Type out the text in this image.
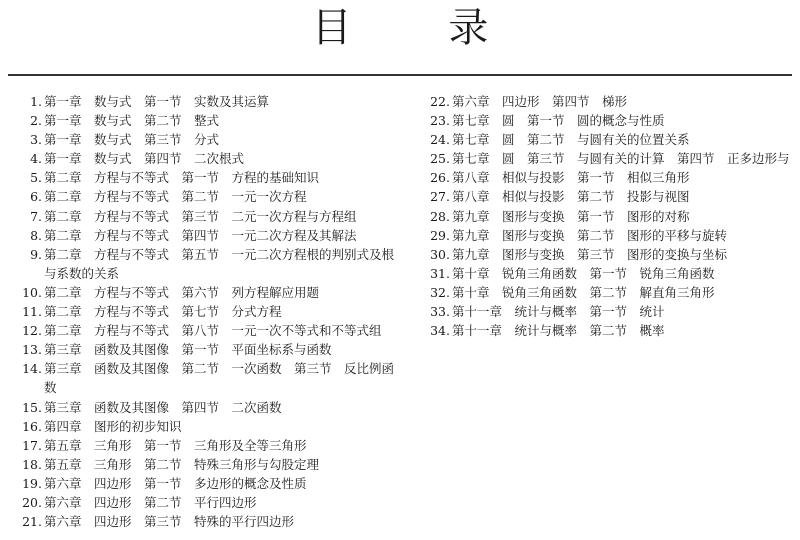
目 录
1. 第一章　数与式　第一节　实数及其运算
2. 第一章　数与式　第二节　整式
3. 第一章　数与式　第三节　分式
4. 第一章　数与式　第四节　二次根式
5. 第二章　方程与不等式　第一节　方程的基础知识
6. 第二章　方程与不等式　第二节　一元一次方程
7. 第二章　方程与不等式　第三节　二元一次方程与方程组
8. 第二章　方程与不等式　第四节　一元二次方程及其解法
9. 第二章　方程与不等式　第五节　一元二次方程根的判别式及根与系数的关系
10. 第二章　方程与不等式　第六节　列方程解应用题
11. 第二章　方程与不等式　第七节　分式方程
12. 第二章　方程与不等式　第八节　一元一次不等式和不等式组
13. 第三章　函数及其图像　第一节　平面坐标系与函数
14. 第三章　函数及其图像　第二节　一次函数　第三节　反比例函数
15. 第三章　函数及其图像　第四节　二次函数
16. 第四章　图形的初步知识
17. 第五章　三角形　第一节　三角形及全等三角形
18. 第五章　三角形　第二节　特殊三角形与勾股定理
19. 第六章　四边形　第一节　多边形的概念及性质
20. 第六章　四边形　第二节　平行四边形
21. 第六章　四边形　第三节　特殊的平行四边形
22. 第六章　四边形　第四节　梯形
23. 第七章　圆　第一节　圆的概念与性质
24. 第七章　圆　第二节　与圆有关的位置关系
25. 第七章　圆　第三节　与圆有关的计算　第四节　正多边形与
26. 第八章　相似与投影　第一节　相似三角形
27. 第八章　相似与投影　第二节　投影与视图
28. 第九章　图形与变换　第一节　图形的对称
29. 第九章　图形与变换　第二节　图形的平移与旋转
30. 第九章　图形与变换　第三节　图形的变换与坐标
31. 第十章　锐角三角函数　第一节　锐角三角函数
32. 第十章　锐角三角函数　第二节　解直角三角形
33. 第十一章　统计与概率　第一节　统计
34. 第十一章　统计与概率　第二节　概率
